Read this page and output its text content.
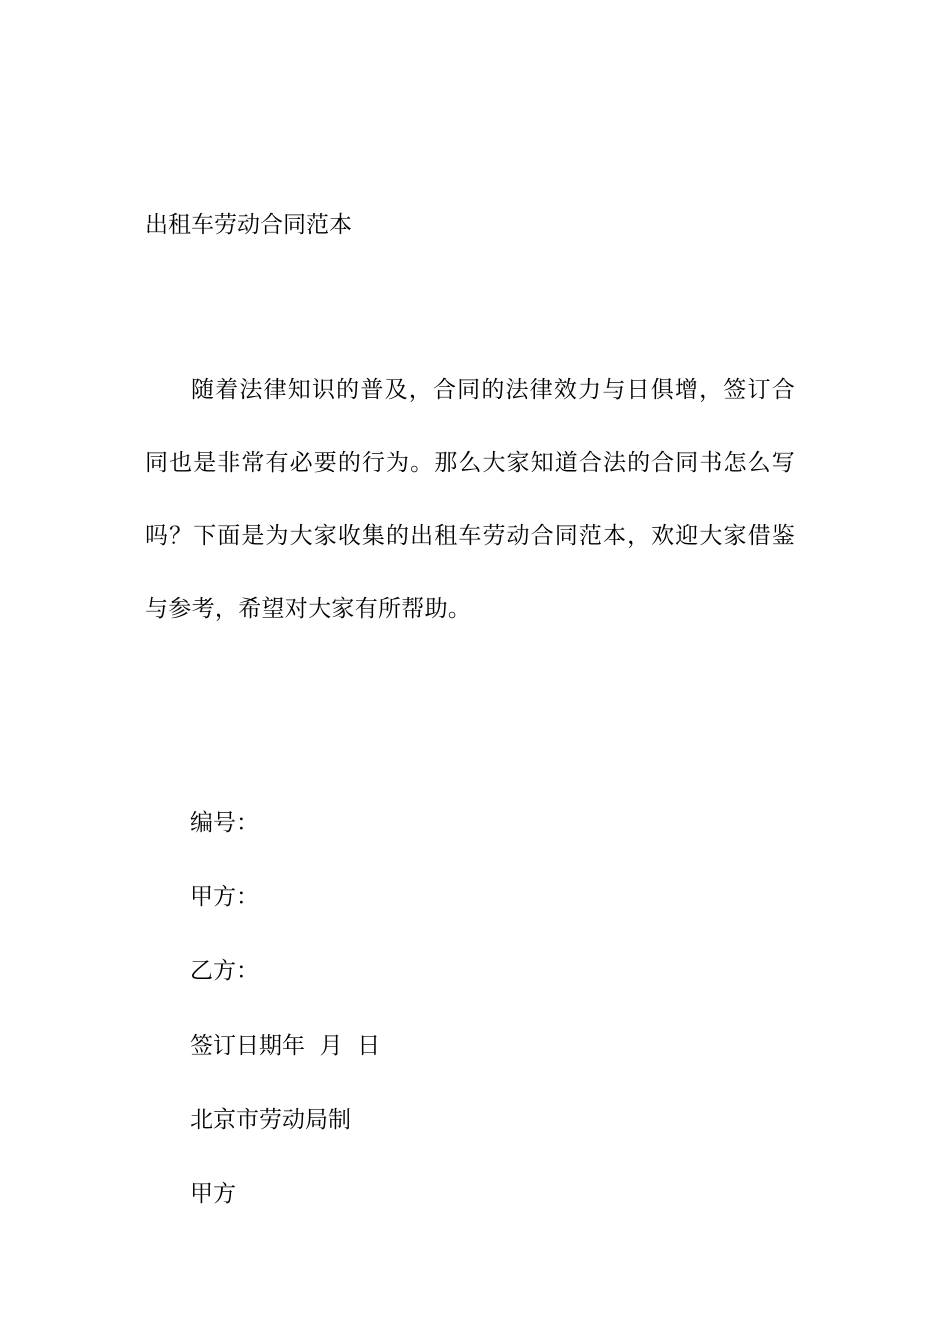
出租车劳动合同范本

随着法律知识的普及，合同的法律效力与日俱增，签订合同也是非常有必要的行为。那么大家知道合法的合同书怎么写吗？下面是为大家收集的出租车劳动合同范本，欢迎大家借鉴与参考，希望对大家有所帮助。

编号：

甲方：

乙方：

签订日期年  月  日

北京市劳动局制

甲方
